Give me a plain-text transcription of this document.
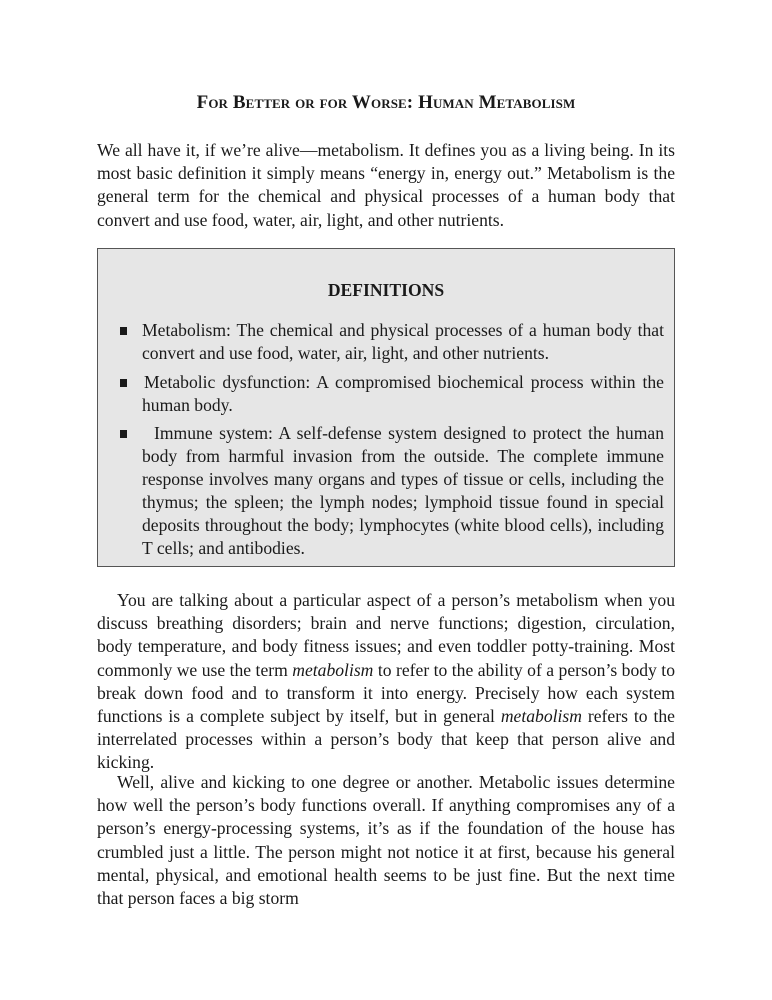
For Better or for Worse: Human Metabolism

We all have it, if we’re alive—metabolism. It defines you as a living being. In its most basic definition it simply means “energy in, energy out.” Metabolism is the general term for the chemical and physical processes of a human body that convert and use food, water, air, light, and other nutrients.

DEFINITIONS

Metabolism: The chemical and physical processes of a human body that convert and use food, water, air, light, and other nutrients.

Metabolic dysfunction: A compromised biochemical process within the human body.

Immune system: A self-defense system designed to protect the human body from harmful invasion from the outside. The complete immune response involves many organs and types of tissue or cells, including the thymus; the spleen; the lymph nodes; lymphoid tissue found in special deposits throughout the body; lymphocytes (white blood cells), including T cells; and antibodies.

You are talking about a particular aspect of a person’s metabolism when you discuss breathing disorders; brain and nerve functions; digestion, circulation, body temperature, and body fitness issues; and even toddler potty-training. Most commonly we use the term metabolism to refer to the ability of a person’s body to break down food and to transform it into energy. Precisely how each system functions is a complete subject by itself, but in general metabolism refers to the interrelated processes within a person’s body that keep that person alive and kicking.

Well, alive and kicking to one degree or another. Metabolic issues determine how well the person’s body functions overall. If anything compromises any of a person’s energy-processing systems, it’s as if the foundation of the house has crumbled just a little. The person might not notice it at first, because his general mental, physical, and emotional health seems to be just fine. But the next time that person faces a big storm
